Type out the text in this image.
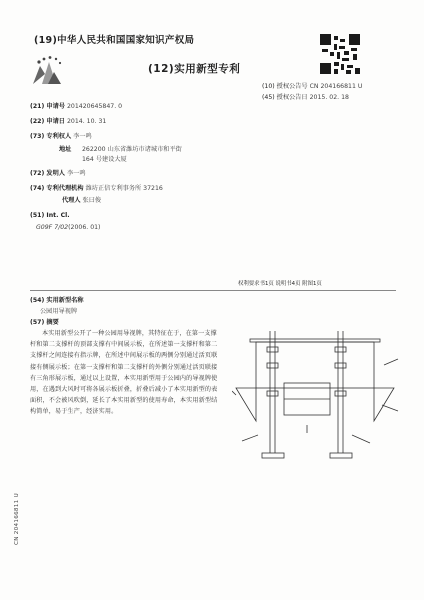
(19)中华人民共和国国家知识产权局
(12)实用新型专利
(10) 授权公告号 CN 204166811 U
(45) 授权公告日 2015. 02. 18
(21) 申请号 201420645847. 0
(22) 申请日 2014. 10. 31
(73) 专利权人 李一鸣
地址 262200 山东省潍坊市诸城市和平街
164 号建设大厦
(72) 发明人 李一鸣
(74) 专利代理机构 潍坊正信专利事务所 37216
代理人 张曰俊
(51) Int. Cl.
G09F 7/02(2006. 01)
权利要求书1页 说明书4页 附图1页
(54) 实用新型名称
公园用导视牌
(57) 摘要
本实用新型公开了一种公园用导视牌，其特征在于，在第一支撑杆和第二支撑杆的顶部支撑有中间展示板，在所述第一支撑杆和第二支撑杆之间连接有指示牌，在所述中间展示板的两侧分别通过活页联接有侧展示板；在第一支撑杆和第二支撑杆的外侧分别通过活页联接有三角形展示板，通过以上设置，本实用新型用于公园内的导视牌使用，在遇到大风时可将各展示板折叠，折叠后减小了本实用新型的表面积，不会被风吹倒，延长了本实用新型的使用寿命，本实用新型结构简单，易于生产，经济实用。
CN 204166811 U
